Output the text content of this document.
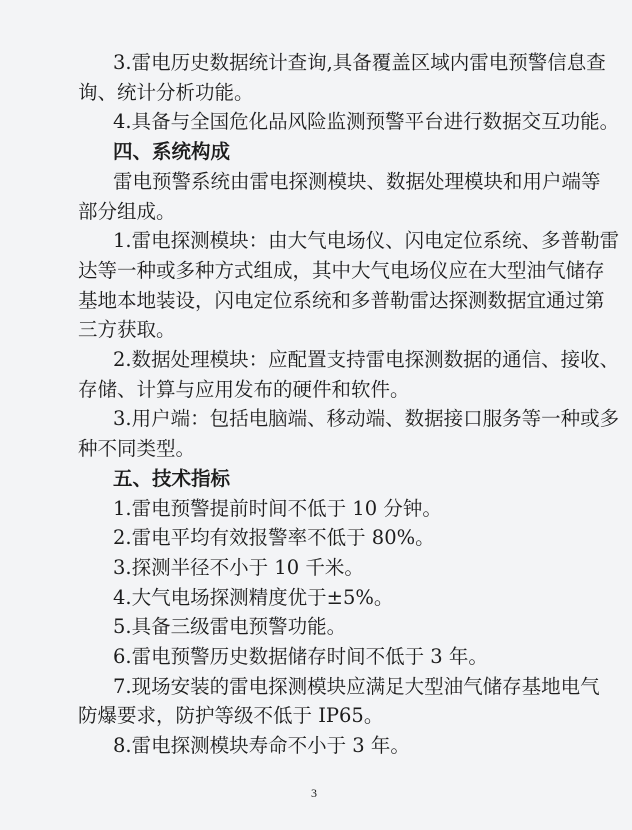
3.雷电历史数据统计查询,具备覆盖区域内雷电预警信息查
询、统计分析功能。
4.具备与全国危化品风险监测预警平台进行数据交互功能。
四、系统构成
雷电预警系统由雷电探测模块、数据处理模块和用户端等
部分组成。
1.雷电探测模块：由大气电场仪、闪电定位系统、多普勒雷
达等一种或多种方式组成，其中大气电场仪应在大型油气储存
基地本地装设，闪电定位系统和多普勒雷达探测数据宜通过第
三方获取。
2.数据处理模块：应配置支持雷电探测数据的通信、接收、
存储、计算与应用发布的硬件和软件。
3.用户端：包括电脑端、移动端、数据接口服务等一种或多
种不同类型。
五、技术指标
1.雷电预警提前时间不低于 10 分钟。
2.雷电平均有效报警率不低于 80%。
3.探测半径不小于 10 千米。
4.大气电场探测精度优于±5%。
5.具备三级雷电预警功能。
6.雷电预警历史数据储存时间不低于 3 年。
7.现场安装的雷电探测模块应满足大型油气储存基地电气
防爆要求，防护等级不低于 IP65。
8.雷电探测模块寿命不小于 3 年。
3
